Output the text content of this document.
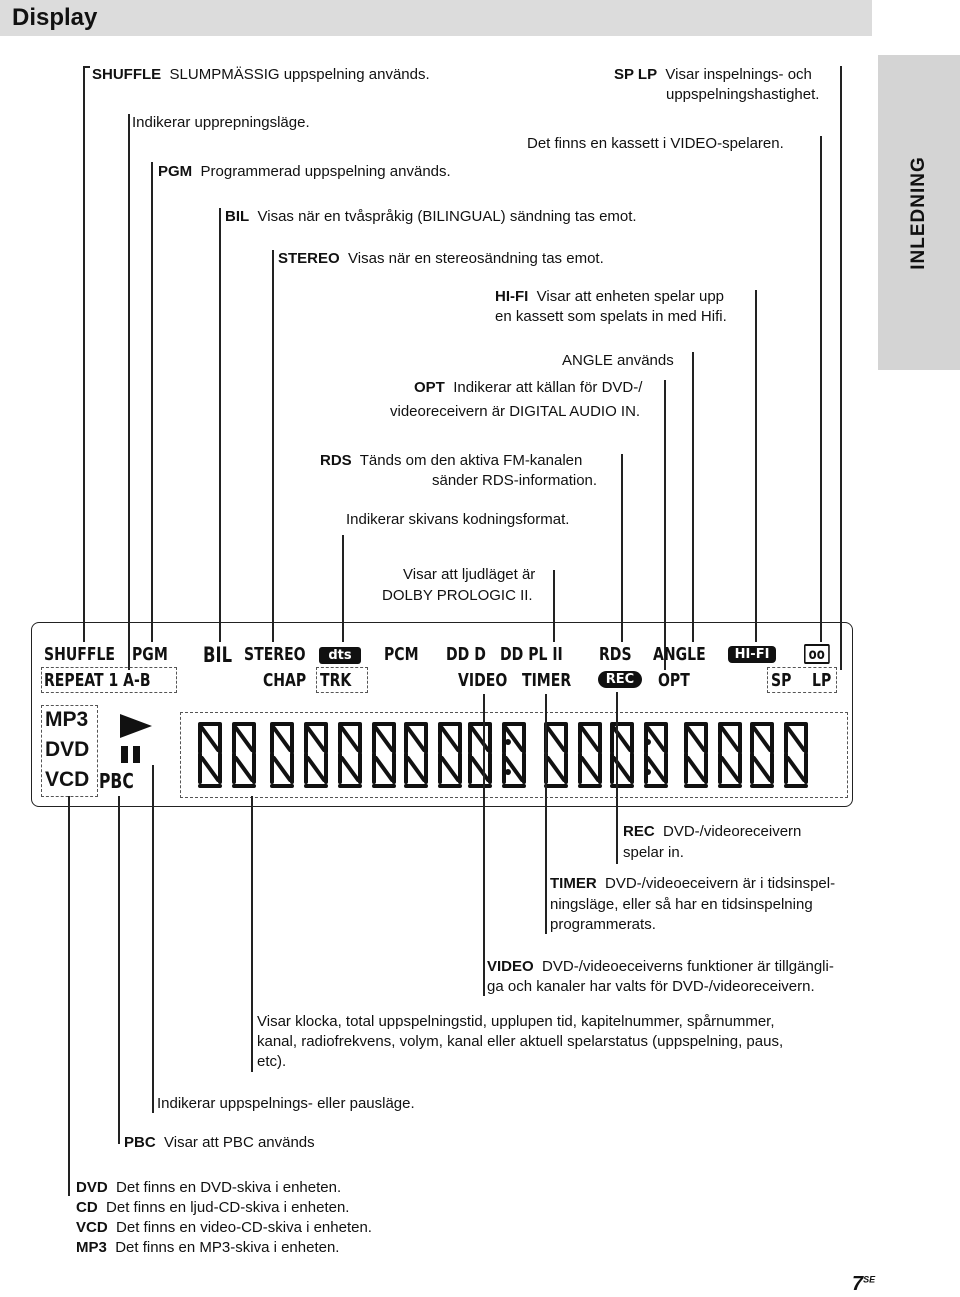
Display
INLEDNING
SHUFFLE SLUMPMÄSSIG uppspelning används.	SP LP Visar inspelnings- och
uppspelningshastighet.
Indikerar upprepningsläge.
Det finns en kassett i VIDEO-spelaren.
PGM Programmerad uppspelning används.
BIL Visas när en tvåspråkig (BILINGUAL) sändning tas emot.
STEREO Visas när en stereosändning tas emot.
HI-FI Visar att enheten spelar upp
en kassett som spelats in med Hifi.
ANGLE används
OPT Indikerar att källan för DVD-/
videoreceivern är DIGITAL AUDIO IN.
RDS Tänds om den aktiva FM-kanalen
sänder RDS-information.
Indikerar skivans kodningsformat.
Visar att ljudläget är
DOLBY PROLOGIC II.
SHUFFLE PGM BIL STEREO	dts	PCM DD D DD PL II RDS ANGLE	HI-FI	oo
REPEAT 1 A-B	CHAP TRK	VIDEO TIMER	REC	OPT	SP LP
MP3
DVD
VCD PBC
REC DVD-/videoreceivern
spelar in.
TIMER DVD-/videoeceivern är i tidsinspel-
ningsläge, eller så har en tidsinspelning
programmerats.
VIDEO DVD-/videoeceiverns funktioner är tillgängli-
ga och kanaler har valts för DVD-/videoreceivern.
Visar klocka, total uppspelningstid, upplupen tid, kapitelnummer, spårnummer,
kanal, radiofrekvens, volym, kanal eller aktuell spelarstatus (uppspelning, paus,
etc).
Indikerar uppspelnings- eller pausläge.
PBC Visar att PBC används
DVD Det finns en DVD-skiva i enheten.
CD Det finns en ljud-CD-skiva i enheten.
VCD Det finns en video-CD-skiva i enheten.
MP3 Det finns en MP3-skiva i enheten.
$7^{SE}$
